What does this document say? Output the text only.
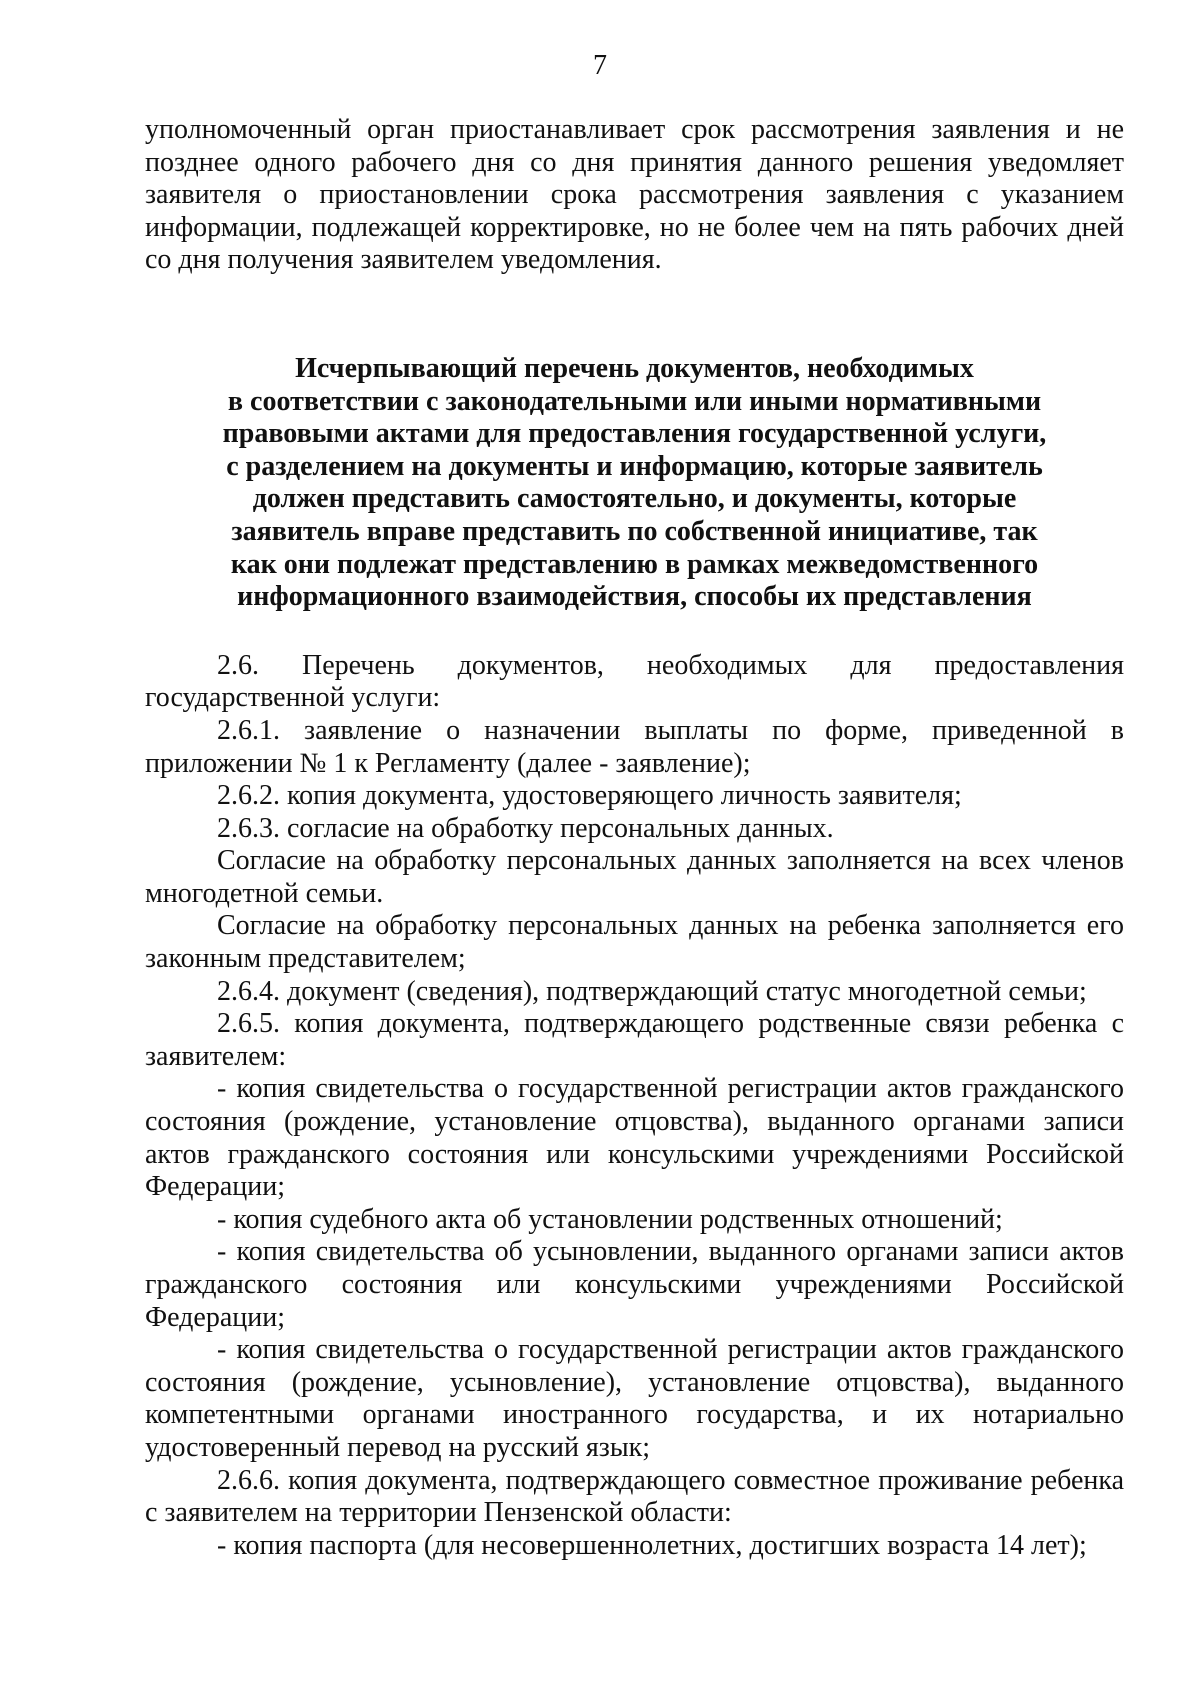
7

уполномоченный орган приостанавливает срок рассмотрения заявления и не позднее одного рабочего дня со дня принятия данного решения уведомляет заявителя о приостановлении срока рассмотрения заявления с указанием информации, подлежащей корректировке, но не более чем на пять рабочих дней со дня получения заявителем уведомления.

Исчерпывающий перечень документов, необходимых
в соответствии с законодательными или иными нормативными
правовыми актами для предоставления государственной услуги,
с разделением на документы и информацию, которые заявитель
должен представить самостоятельно, и документы, которые
заявитель вправе представить по собственной инициативе, так
как они подлежат представлению в рамках межведомственного
информационного взаимодействия, способы их представления

2.6. Перечень документов, необходимых для предоставления государственной услуги:

2.6.1. заявление о назначении выплаты по форме, приведенной в приложении № 1 к Регламенту (далее - заявление);

2.6.2. копия документа, удостоверяющего личность заявителя;

2.6.3. согласие на обработку персональных данных.

Согласие на обработку персональных данных заполняется на всех членов многодетной семьи.

Согласие на обработку персональных данных на ребенка заполняется его законным представителем;

2.6.4. документ (сведения), подтверждающий статус многодетной семьи;

2.6.5. копия документа, подтверждающего родственные связи ребенка с заявителем:

- копия свидетельства о государственной регистрации актов гражданского состояния (рождение, установление отцовства), выданного органами записи актов гражданского состояния или консульскими учреждениями Российской Федерации;

- копия судебного акта об установлении родственных отношений;

- копия свидетельства об усыновлении, выданного органами записи актов гражданского состояния или консульскими учреждениями Российской Федерации;

- копия свидетельства о государственной регистрации актов гражданского состояния (рождение, усыновление), установление отцовства), выданного компетентными органами иностранного государства, и их нотариально удостоверенный перевод на русский язык;

2.6.6. копия документа, подтверждающего совместное проживание ребенка с заявителем на территории Пензенской области:

- копия паспорта (для несовершеннолетних, достигших возраста 14 лет);
